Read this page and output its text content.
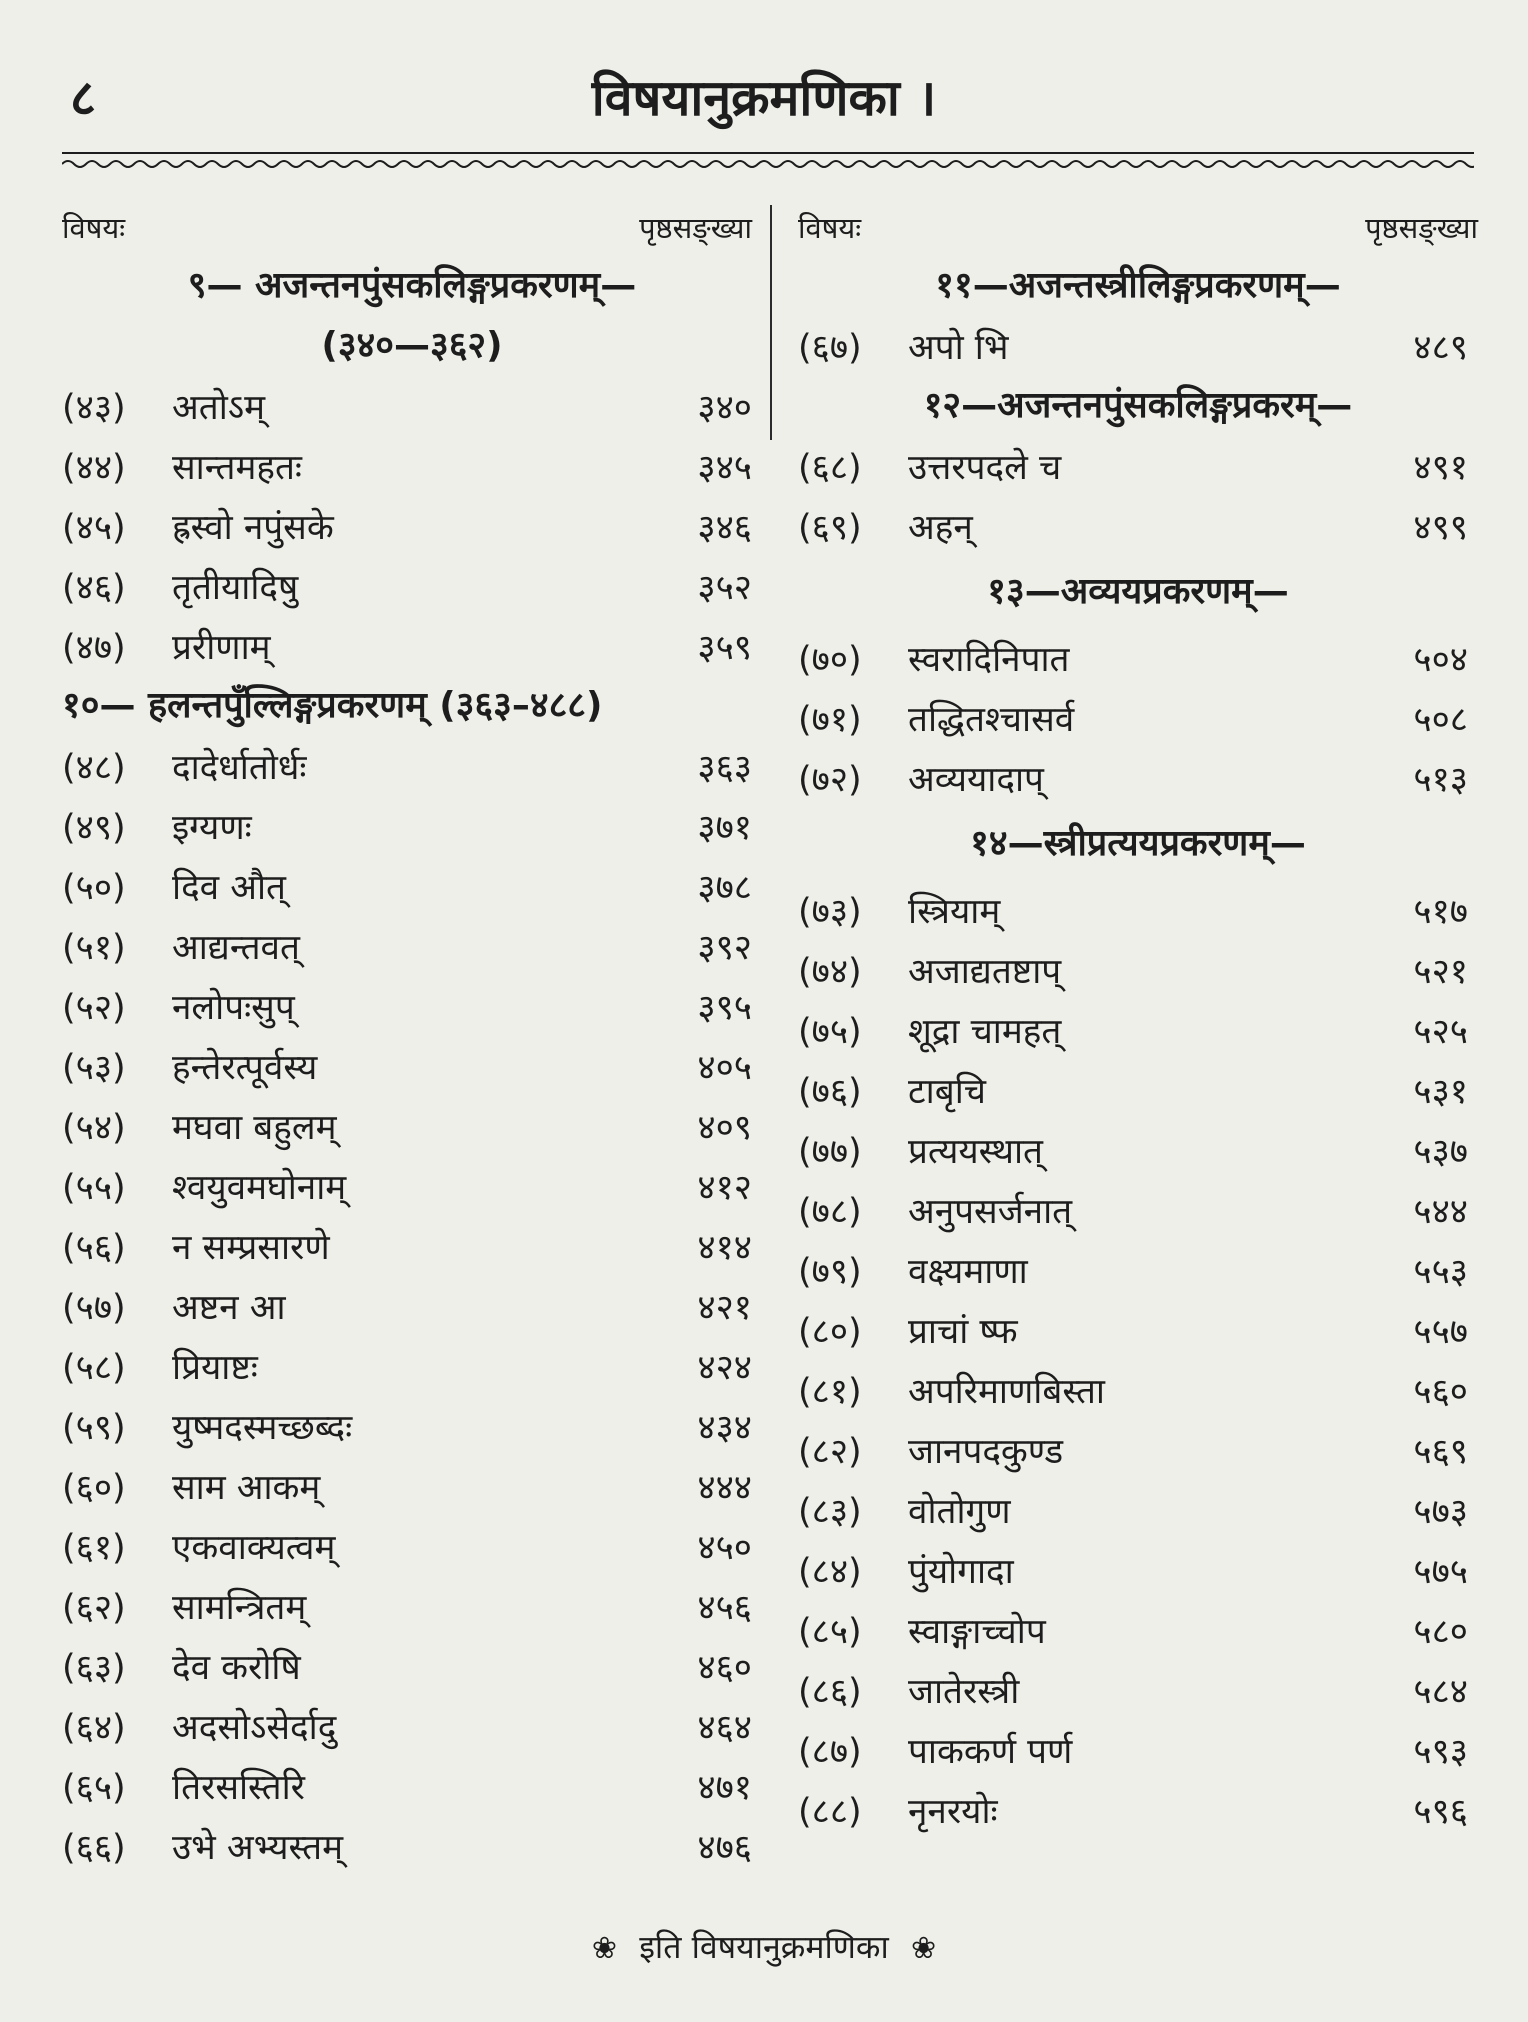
८	विषयानुक्रमणिका ।
विषयः	पृष्ठसङ्ख्या
९— अजन्तनपुंसकलिङ्गप्रकरणम्—
(३४०—३६२)
(४३)	अतोऽम्	३४०
(४४)	सान्तमहतः	३४५
(४५)	ह्रस्वो नपुंसके	३४६
(४६)	तृतीयादिषु	३५२
(४७)	प्ररीणाम्	३५९
१०— हलन्तपुँल्लिङ्गप्रकरणम् (३६३–४८८)
(४८)	दादेर्धातोर्धः	३६३
(४९)	इग्यणः	३७१
(५०)	दिव औत्	३७८
(५१)	आद्यन्तवत्	३९२
(५२)	नलोपःसुप्	३९५
(५३)	हन्तेरत्पूर्वस्य	४०५
(५४)	मघवा बहुलम्	४०९
(५५)	श्वयुवमघोनाम्	४१२
(५६)	न सम्प्रसारणे	४१४
(५७)	अष्टन आ	४२१
(५८)	प्रियाष्टः	४२४
(५९)	युष्मदस्मच्छब्दः	४३४
(६०)	साम आकम्	४४४
(६१)	एकवाक्यत्वम्	४५०
(६२)	सामन्त्रितम्	४५६
(६३)	देव करोषि	४६०
(६४)	अदसोऽसेर्दादु	४६४
(६५)	तिरसस्तिरि	४७१
(६६)	उभे अभ्यस्तम्	४७६
विषयः	पृष्ठसङ्ख्या
११—अजन्तस्त्रीलिङ्गप्रकरणम्—
(६७)	अपो भि	४८९
१२—अजन्तनपुंसकलिङ्गप्रकरम्—
(६८)	उत्तरपदले च	४९१
(६९)	अहन्	४९९
१३—अव्ययप्रकरणम्—
(७०)	स्वरादिनिपात	५०४
(७१)	तद्धितश्चासर्व	५०८
(७२)	अव्ययादाप्	५१३
१४—स्त्रीप्रत्ययप्रकरणम्—
(७३)	स्त्रियाम्	५१७
(७४)	अजाद्यतष्टाप्	५२१
(७५)	शूद्रा चामहत्	५२५
(७६)	टाबृचि	५३१
(७७)	प्रत्ययस्थात्	५३७
(७८)	अनुपसर्जनात्	५४४
(७९)	वक्ष्यमाणा	५५३
(८०)	प्राचां ष्फ	५५७
(८१)	अपरिमाणबिस्ता	५६०
(८२)	जानपदकुण्ड	५६९
(८३)	वोतोगुण	५७३
(८४)	पुंयोगादा	५७५
(८५)	स्वाङ्गाच्चोप	५८०
(८६)	जातेरस्त्री	५८४
(८७)	पाककर्ण पर्ण	५९३
(८८)	नृनरयोः	५९६
❀ इति विषयानुक्रमणिका ❀
